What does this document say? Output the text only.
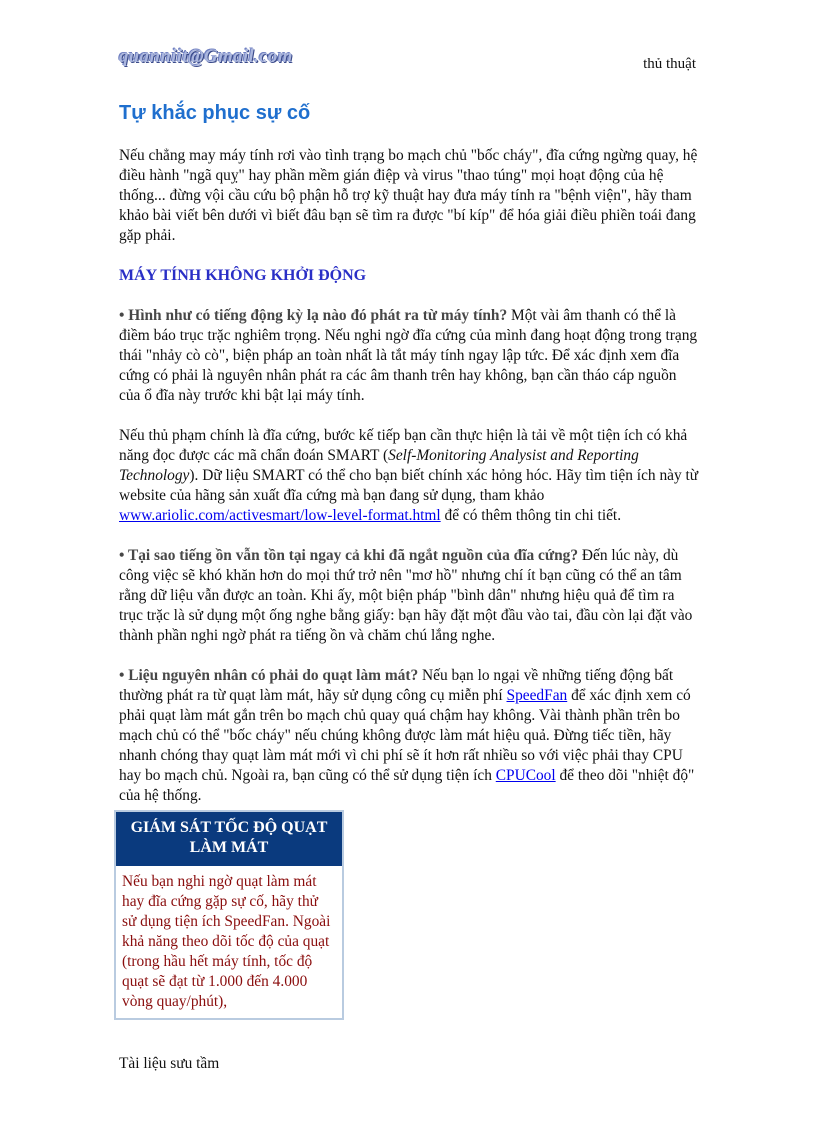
quanniit@Gmail.com	thủ thuật
Tự khắc phục sự cố

Nếu chẳng may máy tính rơi vào tình trạng bo mạch chủ "bốc cháy", đĩa cứng ngừng quay, hệ điều hành "ngã quỵ" hay phần mềm gián điệp và virus "thao túng" mọi hoạt động của hệ thống... đừng vội cầu cứu bộ phận hỗ trợ kỹ thuật hay đưa máy tính ra "bệnh viện", hãy tham khảo bài viết bên dưới vì biết đâu bạn sẽ tìm ra được "bí kíp" để hóa giải điều phiền toái đang gặp phải.

MÁY TÍNH KHÔNG KHỞI ĐỘNG

• Hình như có tiếng động kỳ lạ nào đó phát ra từ máy tính? Một vài âm thanh có thể là điềm báo trục trặc nghiêm trọng. Nếu nghi ngờ đĩa cứng của mình đang hoạt động trong trạng thái "nhảy cò cò", biện pháp an toàn nhất là tắt máy tính ngay lập tức. Để xác định xem đĩa cứng có phải là nguyên nhân phát ra các âm thanh trên hay không, bạn cần tháo cáp nguồn của ổ đĩa này trước khi bật lại máy tính.

Nếu thủ phạm chính là đĩa cứng, bước kế tiếp bạn cần thực hiện là tải về một tiện ích có khả năng đọc được các mã chẩn đoán SMART (Self-Monitoring Analysist and Reporting Technology). Dữ liệu SMART có thể cho bạn biết chính xác hỏng hóc. Hãy tìm tiện ích này từ website của hãng sản xuất đĩa cứng mà bạn đang sử dụng, tham khảo www.ariolic.com/activesmart/low-level-format.html để có thêm thông tin chi tiết.

• Tại sao tiếng ồn vẫn tồn tại ngay cả khi đã ngắt nguồn của đĩa cứng? Đến lúc này, dù công việc sẽ khó khăn hơn do mọi thứ trở nên "mơ hồ" nhưng chí ít bạn cũng có thể an tâm rằng dữ liệu vẫn được an toàn. Khi ấy, một biện pháp "bình dân" nhưng hiệu quả để tìm ra trục trặc là sử dụng một ống nghe bằng giấy: bạn hãy đặt một đầu vào tai, đầu còn lại đặt vào thành phần nghi ngờ phát ra tiếng ồn và chăm chú lắng nghe.

• Liệu nguyên nhân có phải do quạt làm mát? Nếu bạn lo ngại về những tiếng động bất thường phát ra từ quạt làm mát, hãy sử dụng công cụ miễn phí SpeedFan để xác định xem có phải quạt làm mát gắn trên bo mạch chủ quay quá chậm hay không. Vài thành phần trên bo mạch chủ có thể "bốc cháy" nếu chúng không được làm mát hiệu quả. Đừng tiếc tiền, hãy nhanh chóng thay quạt làm mát mới vì chi phí sẽ ít hơn rất nhiều so với việc phải thay CPU hay bo mạch chủ. Ngoài ra, bạn cũng có thể sử dụng tiện ích CPUCool để theo dõi "nhiệt độ" của hệ thống.

GIÁM SÁT TỐC ĐỘ QUẠT LÀM MÁT
Nếu bạn nghi ngờ quạt làm mát hay đĩa cứng gặp sự cố, hãy thử sử dụng tiện ích SpeedFan. Ngoài khả năng theo dõi tốc độ của quạt (trong hầu hết máy tính, tốc độ quạt sẽ đạt từ 1.000 đến 4.000 vòng quay/phút),
Tài liệu sưu tầm
